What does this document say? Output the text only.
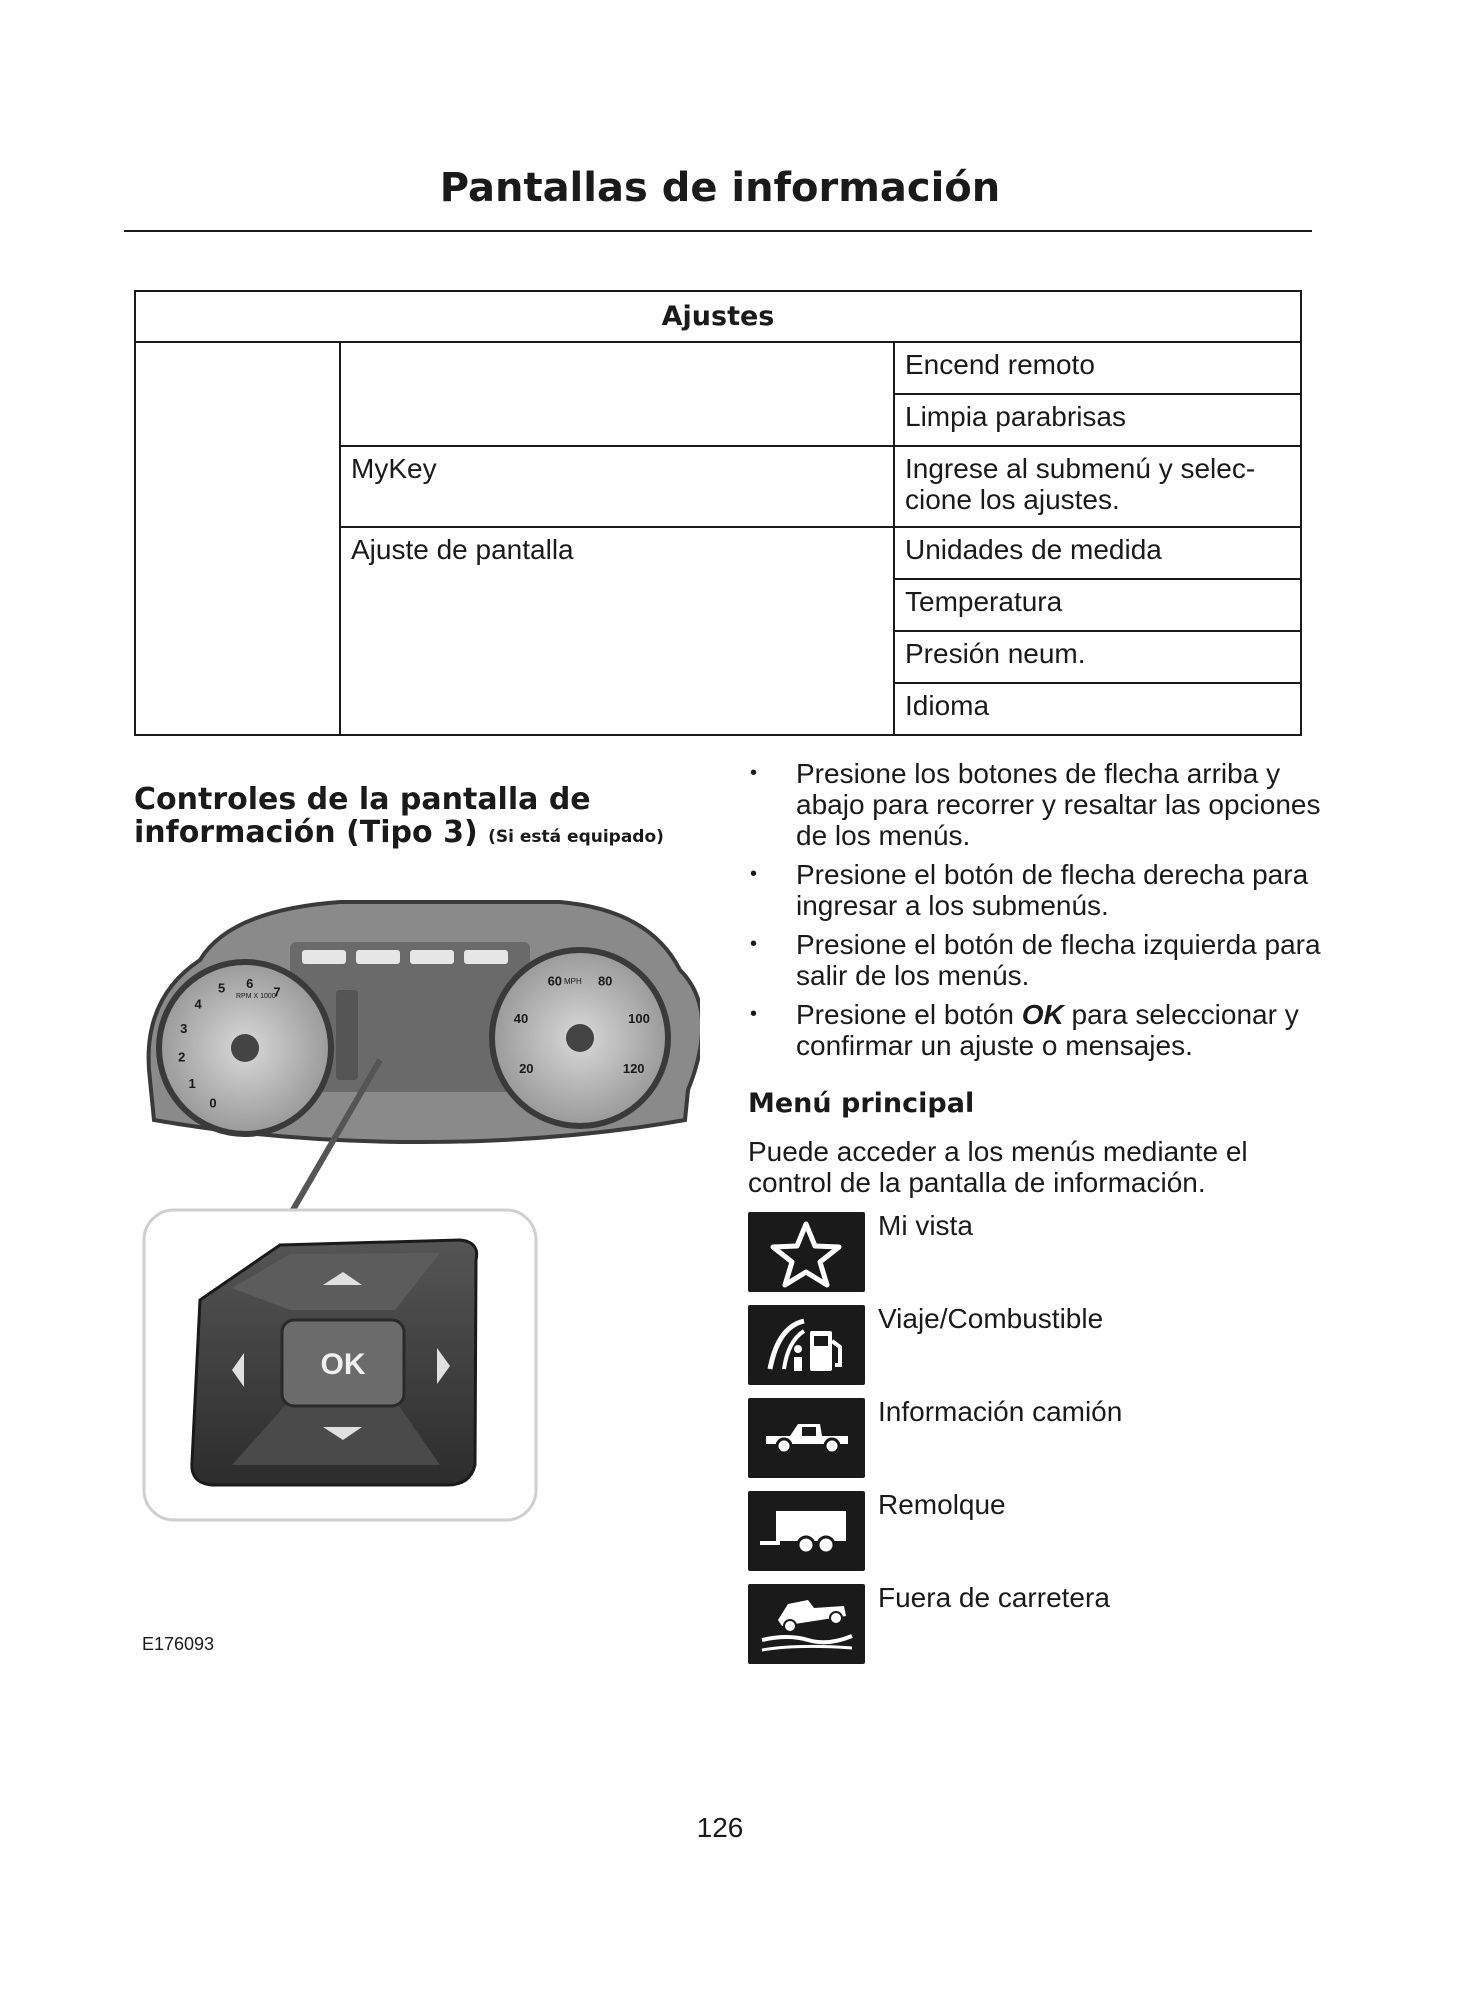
Pantallas de información
Ajustes		
		Encend remoto
		Limpia parabrisas
	MyKey	Ingrese al submenú y selec-cione los ajustes.
	Ajuste de pantalla	Unidades de medida
		Temperatura
		Presión neum.
		Idioma
Controles de la pantalla de
información (Tipo 3) (Si está equipado)
0
1
2
3
4
5 6
7
RPM X 1000
20
40
60	80
100
120
MPH
OK
E176093
• Presione los botones de flecha arriba y abajo para recorrer y resaltar las opciones de los menús.
• Presione el botón de flecha derecha para ingresar a los submenús.
• Presione el botón de flecha izquierda para salir de los menús.
• Presione el botón OK para seleccionar y confirmar un ajuste o mensajes.
Menú principal
Puede acceder a los menús mediante el control de la pantalla de información.
Mi vista
Viaje/Combustible
Información camión
Remolque
Fuera de carretera
126
